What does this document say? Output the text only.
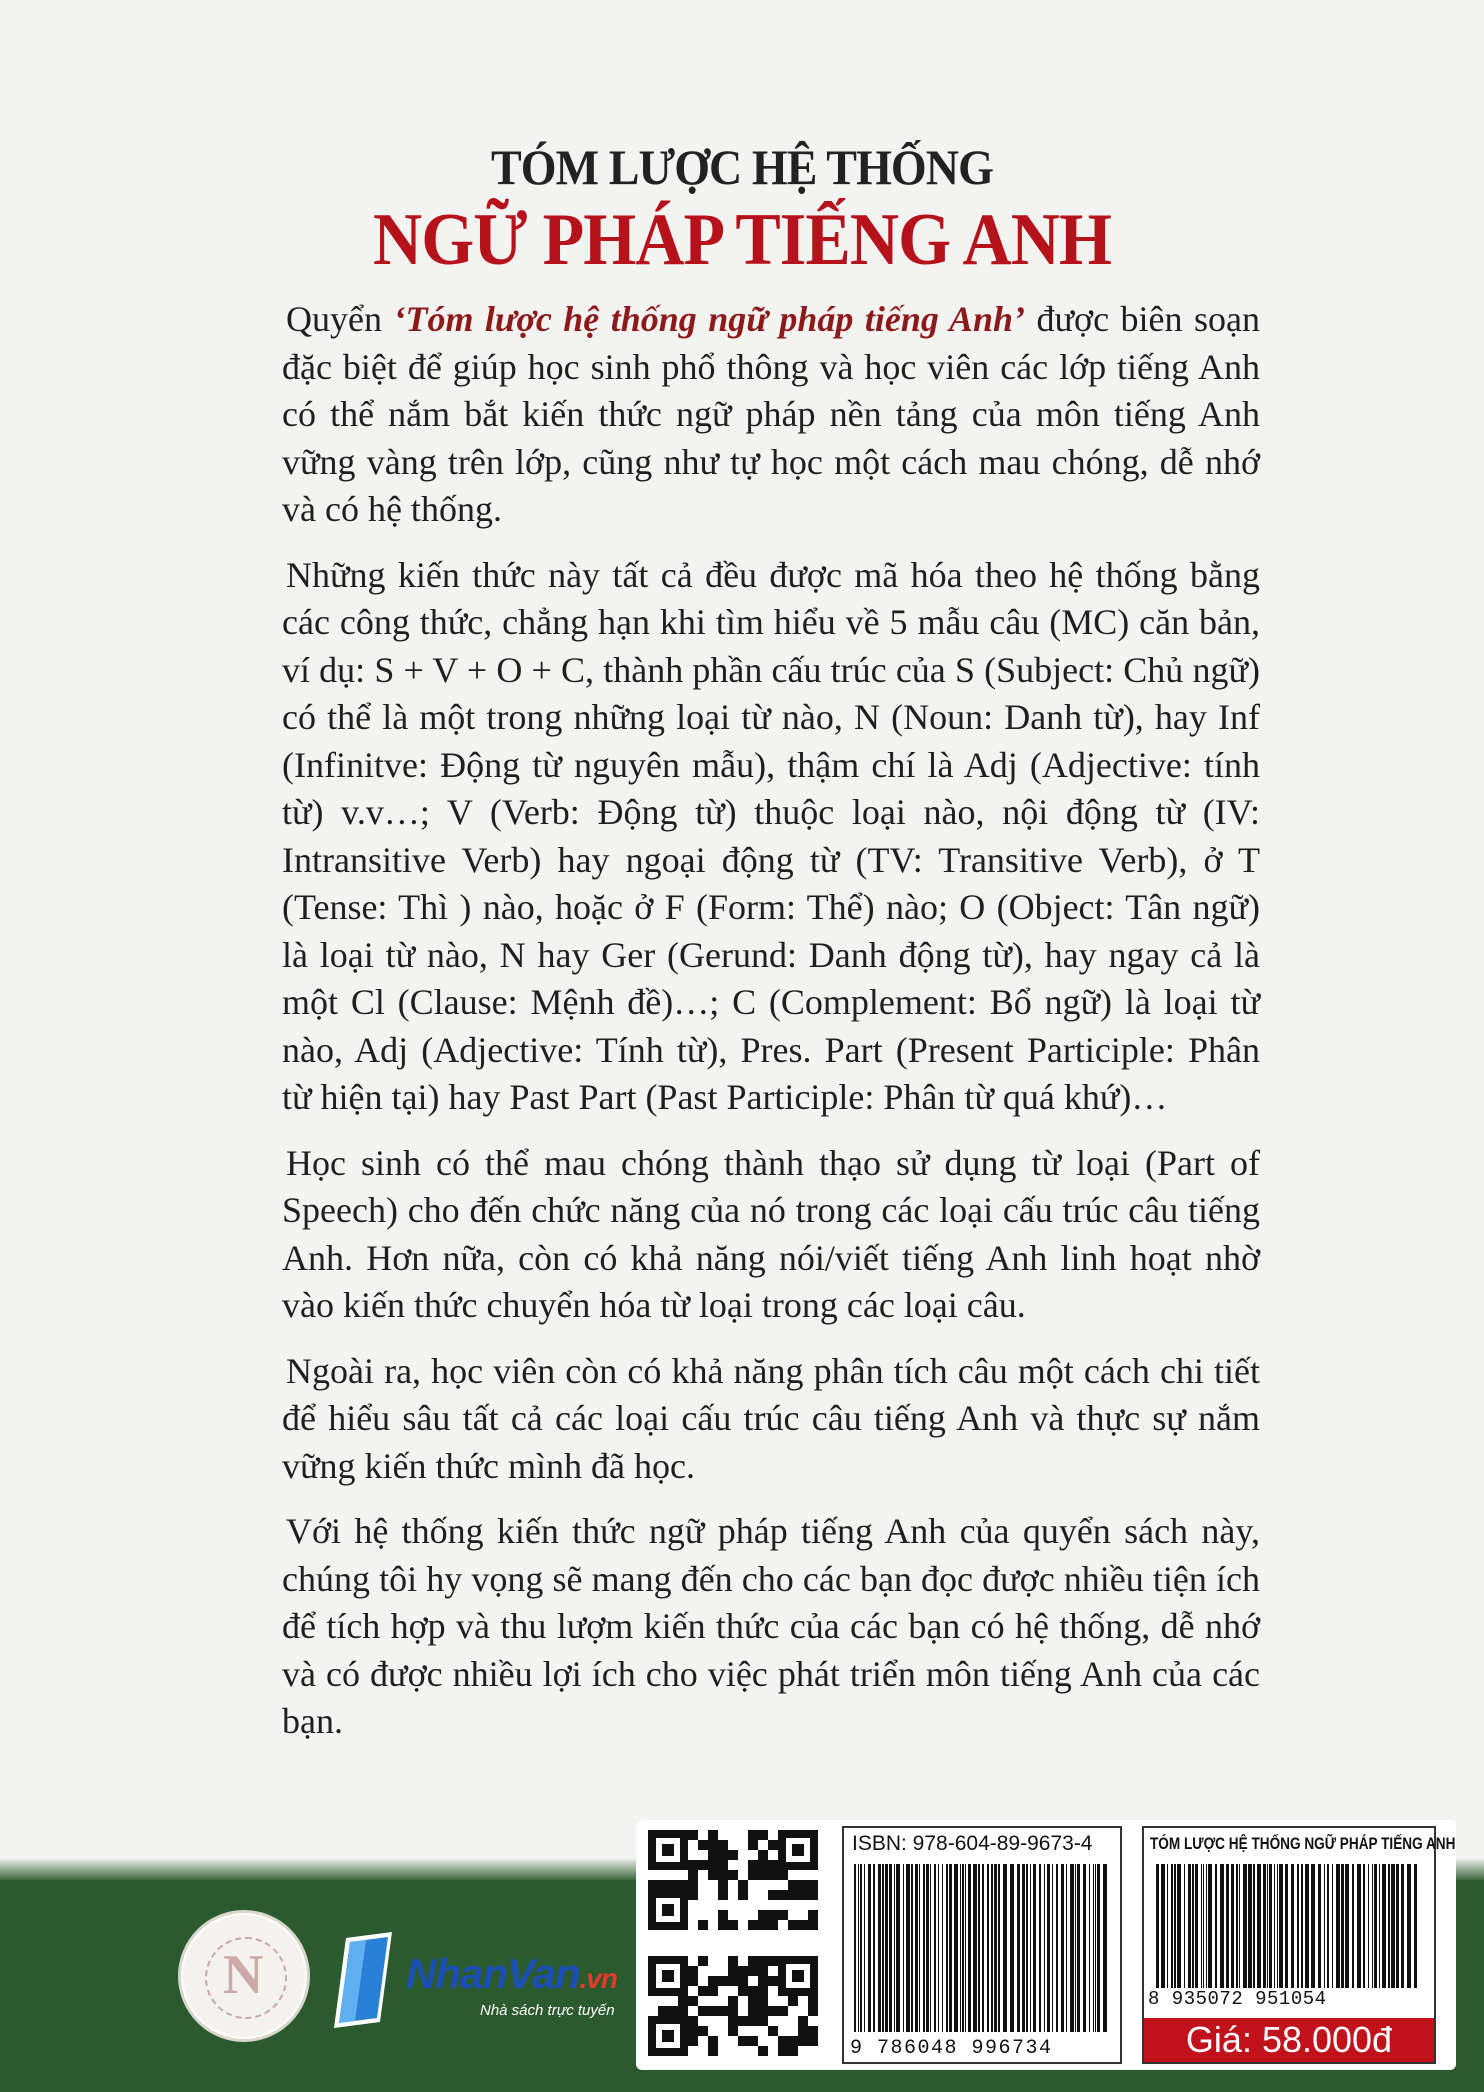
TÓM LƯỢC HỆ THỐNG
NGỮ PHÁP TIẾNG ANH

Quyển ‘Tóm lược hệ thống ngữ pháp tiếng Anh’ được biên soạn đặc biệt để giúp học sinh phổ thông và học viên các lớp tiếng Anh có thể nắm bắt kiến thức ngữ pháp nền tảng của môn tiếng Anh vững vàng trên lớp, cũng như tự học một cách mau chóng, dễ nhớ và có hệ thống.

Những kiến thức này tất cả đều được mã hóa theo hệ thống bằng các công thức, chẳng hạn khi tìm hiểu về 5 mẫu câu (MC) căn bản, ví dụ: S + V + O + C, thành phần cấu trúc của S (Subject: Chủ ngữ) có thể là một trong những loại từ nào, N (Noun: Danh từ), hay Inf (Infinitve: Động từ nguyên mẫu), thậm chí là Adj (Adjective: tính từ) v.v…; V (Verb: Động từ) thuộc loại nào, nội động từ (IV: Intransitive Verb) hay ngoại động từ (TV: Transitive Verb), ở T (Tense: Thì ) nào, hoặc ở F (Form: Thể) nào; O (Object: Tân ngữ) là loại từ nào, N hay Ger (Gerund: Danh động từ), hay ngay cả là một Cl (Clause: Mệnh đề)…; C (Complement: Bổ ngữ) là loại từ nào, Adj (Adjective: Tính từ), Pres. Part (Present Participle: Phân từ hiện tại) hay Past Part (Past Participle: Phân từ quá khứ)…

Học sinh có thể mau chóng thành thạo sử dụng từ loại (Part of Speech) cho đến chức năng của nó trong các loại cấu trúc câu tiếng Anh. Hơn nữa, còn có khả năng nói/viết tiếng Anh linh hoạt nhờ vào kiến thức chuyển hóa từ loại trong các loại câu.

Ngoài ra, học viên còn có khả năng phân tích câu một cách chi tiết để hiểu sâu tất cả các loại cấu trúc câu tiếng Anh và thực sự nắm vững kiến thức mình đã học.

Với hệ thống kiến thức ngữ pháp tiếng Anh của quyển sách này, chúng tôi hy vọng sẽ mang đến cho các bạn đọc được nhiều tiện ích để tích hợp và thu lượm kiến thức của các bạn có hệ thống, dễ nhớ và có được nhiều lợi ích cho việc phát triển môn tiếng Anh của các bạn.

N	NhanVan.vn
Nhà sách trực tuyến
ISBN: 978-604-89-9673-4
9 786048 996734
TÓM LƯỢC HỆ THỐNG NGỮ PHÁP TIẾNG ANH
8 935072 951054
Giá: 58.000đ
